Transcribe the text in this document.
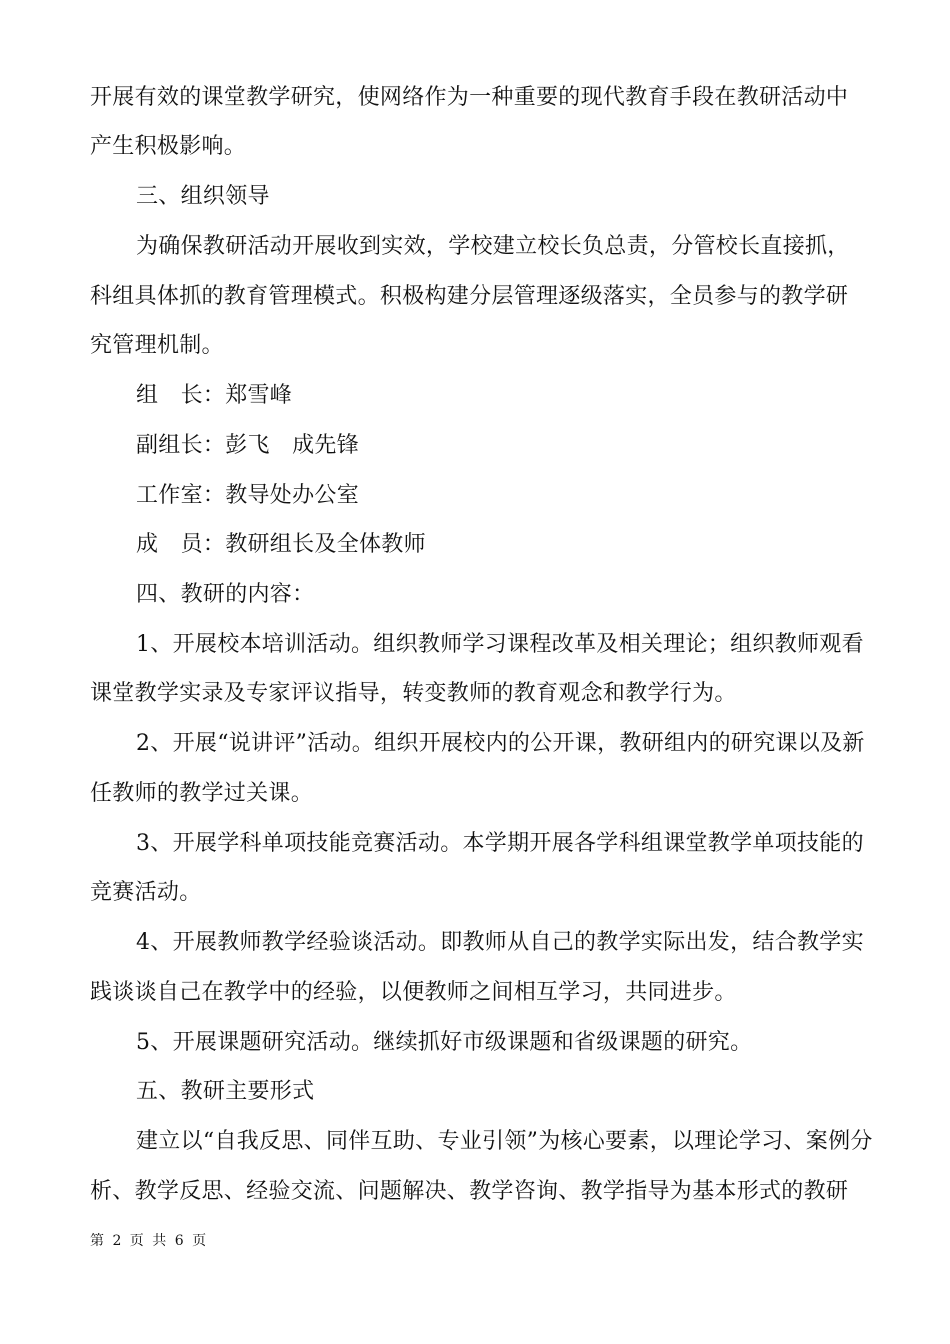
开展有效的课堂教学研究，使网络作为一种重要的现代教育手段在教研活动中
产生积极影响。
三、组织领导
为确保教研活动开展收到实效，学校建立校长负总责，分管校长直接抓，
科组具体抓的教育管理模式。积极构建分层管理逐级落实，全员参与的教学研
究管理机制。
组　长：郑雪峰
副组长：彭飞　成先锋
工作室：教导处办公室
成　员：教研组长及全体教师
四、教研的内容：
1、开展校本培训活动。组织教师学习课程改革及相关理论；组织教师观看
课堂教学实录及专家评议指导，转变教师的教育观念和教学行为。
2、开展“说讲评”活动。组织开展校内的公开课，教研组内的研究课以及新
任教师的教学过关课。
3、开展学科单项技能竞赛活动。本学期开展各学科组课堂教学单项技能的
竞赛活动。
4、开展教师教学经验谈活动。即教师从自己的教学实际出发，结合教学实
践谈谈自己在教学中的经验，以便教师之间相互学习，共同进步。
5、开展课题研究活动。继续抓好市级课题和省级课题的研究。
五、教研主要形式
建立以“自我反思、同伴互助、专业引领”为核心要素，以理论学习、案例分
析、教学反思、经验交流、问题解决、教学咨询、教学指导为基本形式的教研
第 2 页 共 6 页
